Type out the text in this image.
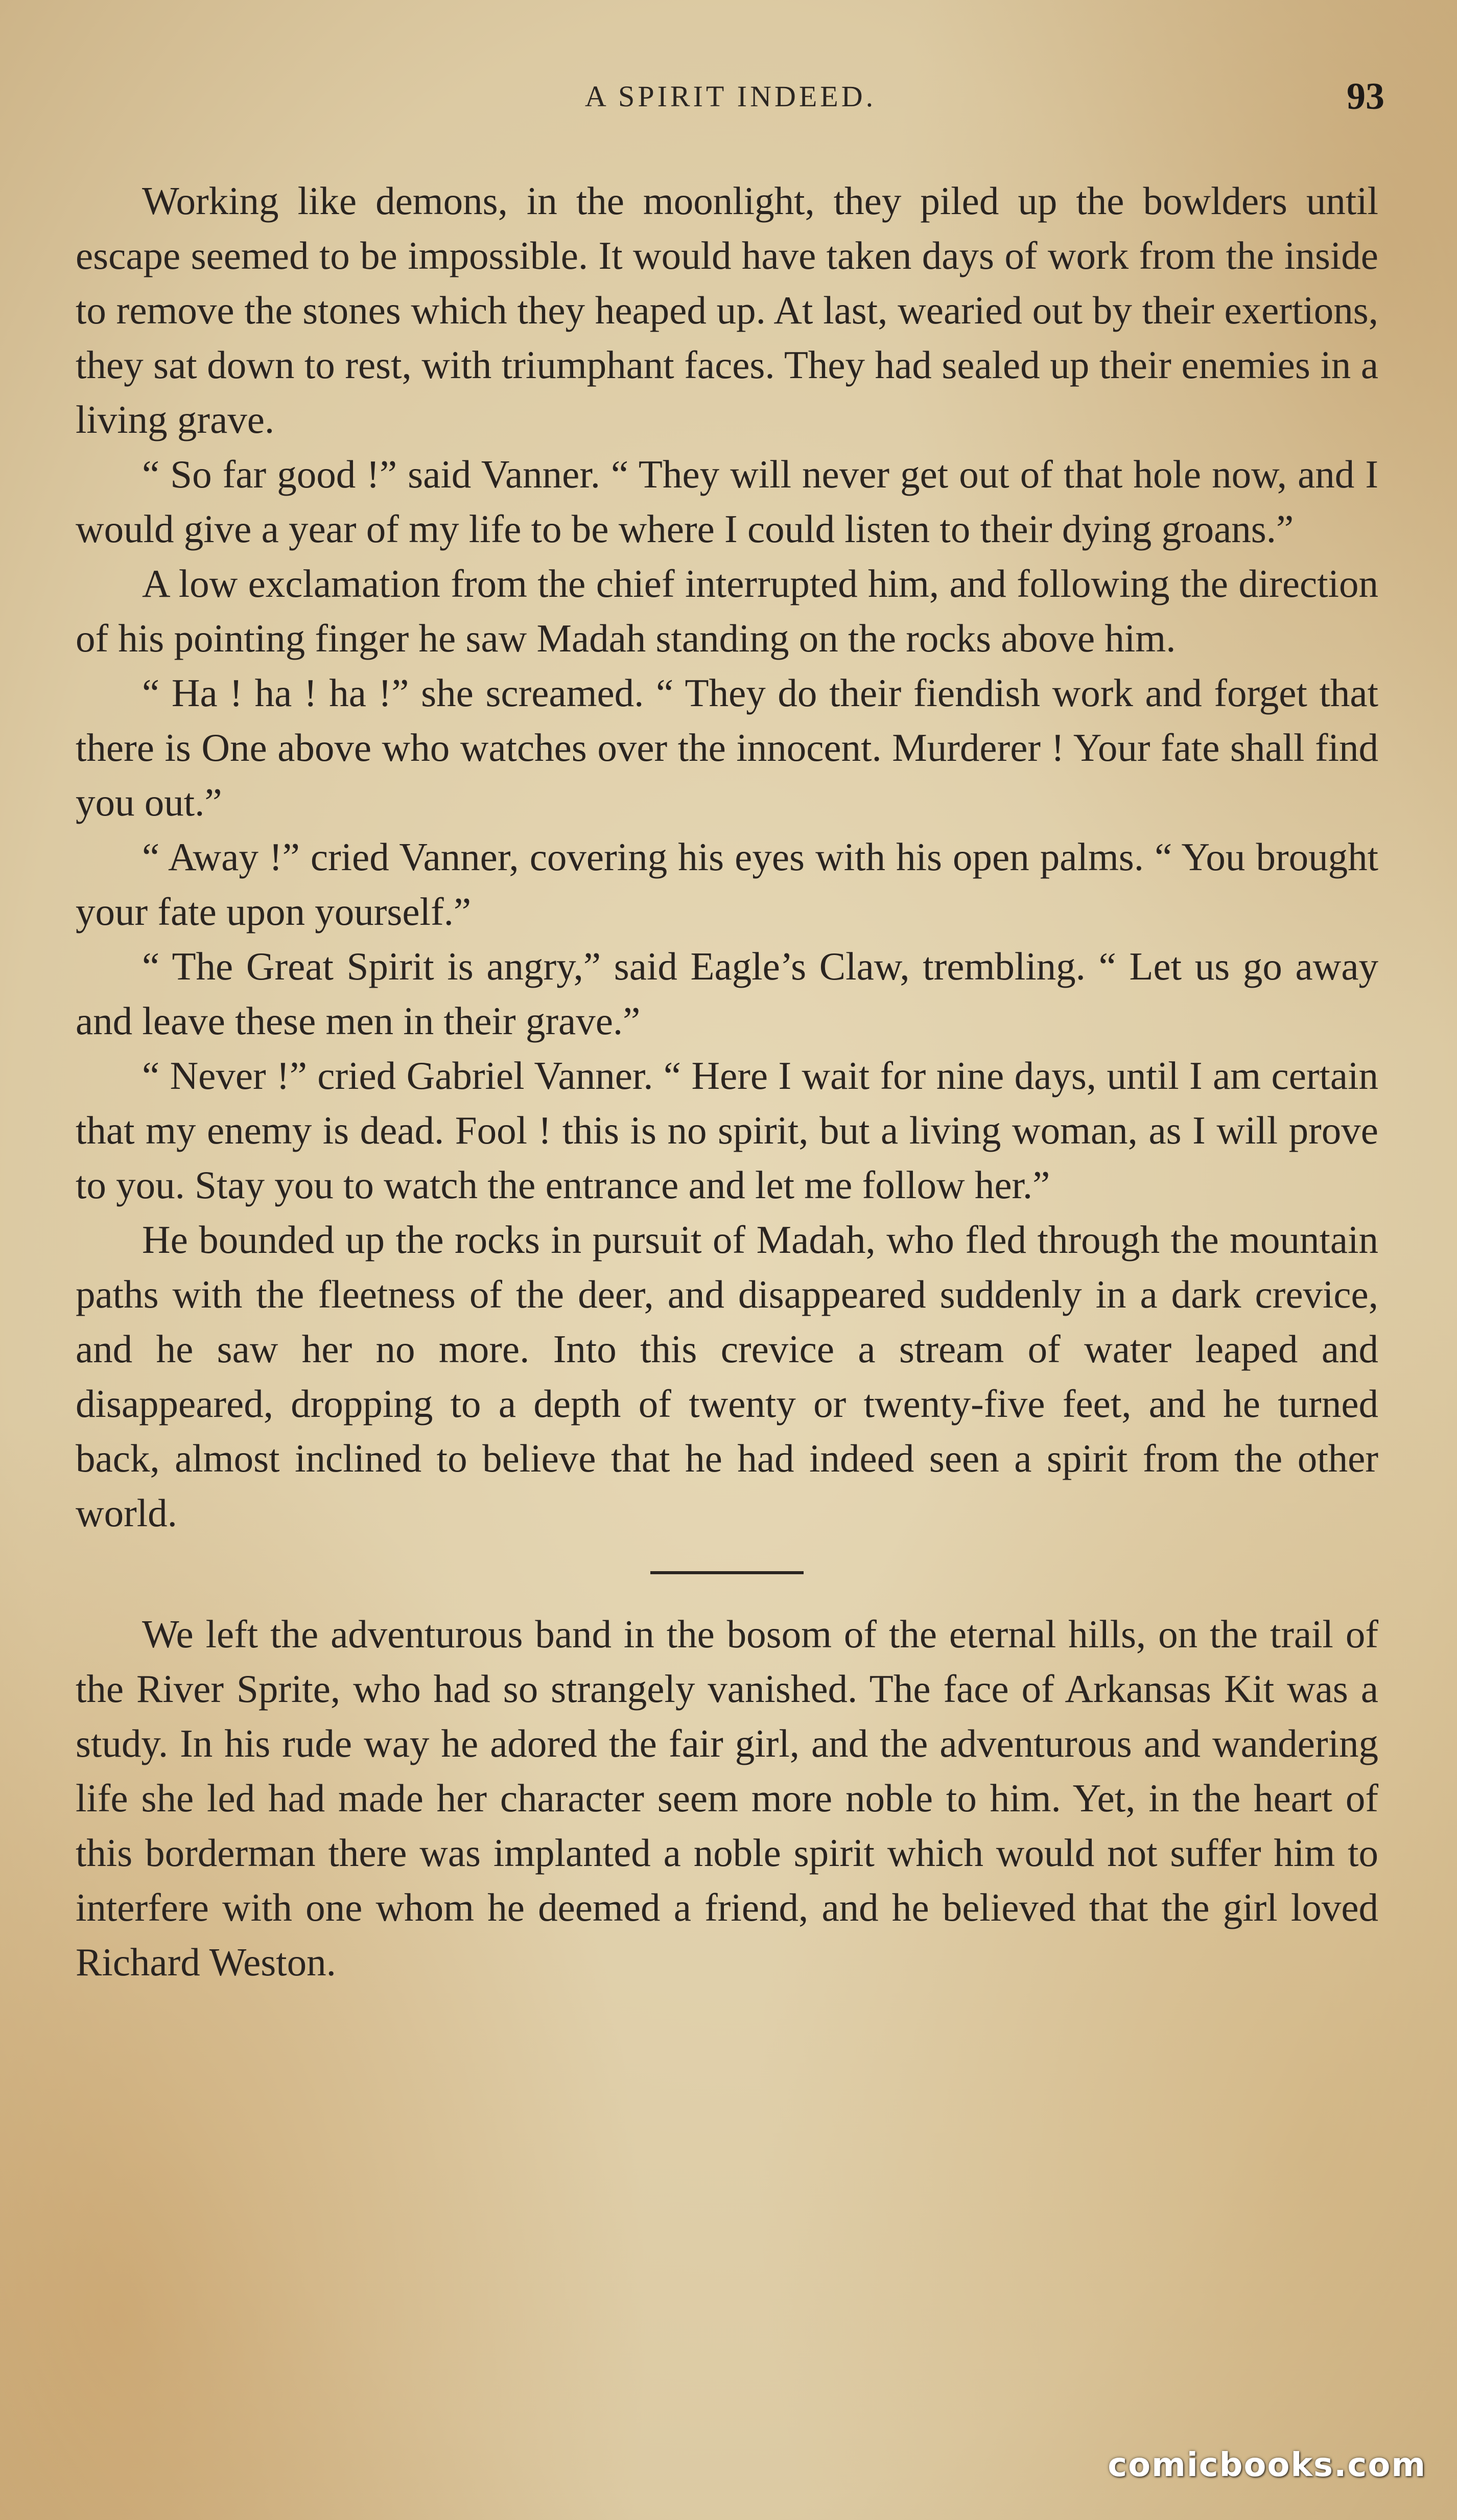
A SPIRIT INDEED.	93

Working like demons, in the moonlight, they piled up the bowlders until escape seemed to be impossible. It would have taken days of work from the inside to remove the stones which they heaped up. At last, wearied out by their exertions, they sat down to rest, with triumphant faces. They had sealed up their enemies in a living grave.

“ So far good !” said Vanner. “ They will never get out of that hole now, and I would give a year of my life to be where I could listen to their dying groans.”

A low exclamation from the chief interrupted him, and following the direction of his pointing finger he saw Madah standing on the rocks above him.

“ Ha ! ha ! ha !” she screamed. “ They do their fiendish work and forget that there is One above who watches over the innocent. Murderer ! Your fate shall find you out.”

“ Away !” cried Vanner, covering his eyes with his open palms. “ You brought your fate upon yourself.”

“ The Great Spirit is angry,” said Eagle’s Claw, trembling. “ Let us go away and leave these men in their grave.”

“ Never !” cried Gabriel Vanner. “ Here I wait for nine days, until I am certain that my enemy is dead. Fool ! this is no spirit, but a living woman, as I will prove to you. Stay you to watch the entrance and let me follow her.”

He bounded up the rocks in pursuit of Madah, who fled through the mountain paths with the fleetness of the deer, and disappeared suddenly in a dark crevice, and he saw her no more. Into this crevice a stream of water leaped and disappeared, dropping to a depth of twenty or twenty-five feet, and he turned back, almost inclined to believe that he had indeed seen a spirit from the other world.

We left the adventurous band in the bosom of the eternal hills, on the trail of the River Sprite, who had so strangely vanished. The face of Arkansas Kit was a study. In his rude way he adored the fair girl, and the adventurous and wandering life she led had made her character seem more noble to him. Yet, in the heart of this borderman there was implanted a noble spirit which would not suffer him to interfere with one whom he deemed a friend, and he believed that the girl loved Richard Weston.

comicbooks.com
